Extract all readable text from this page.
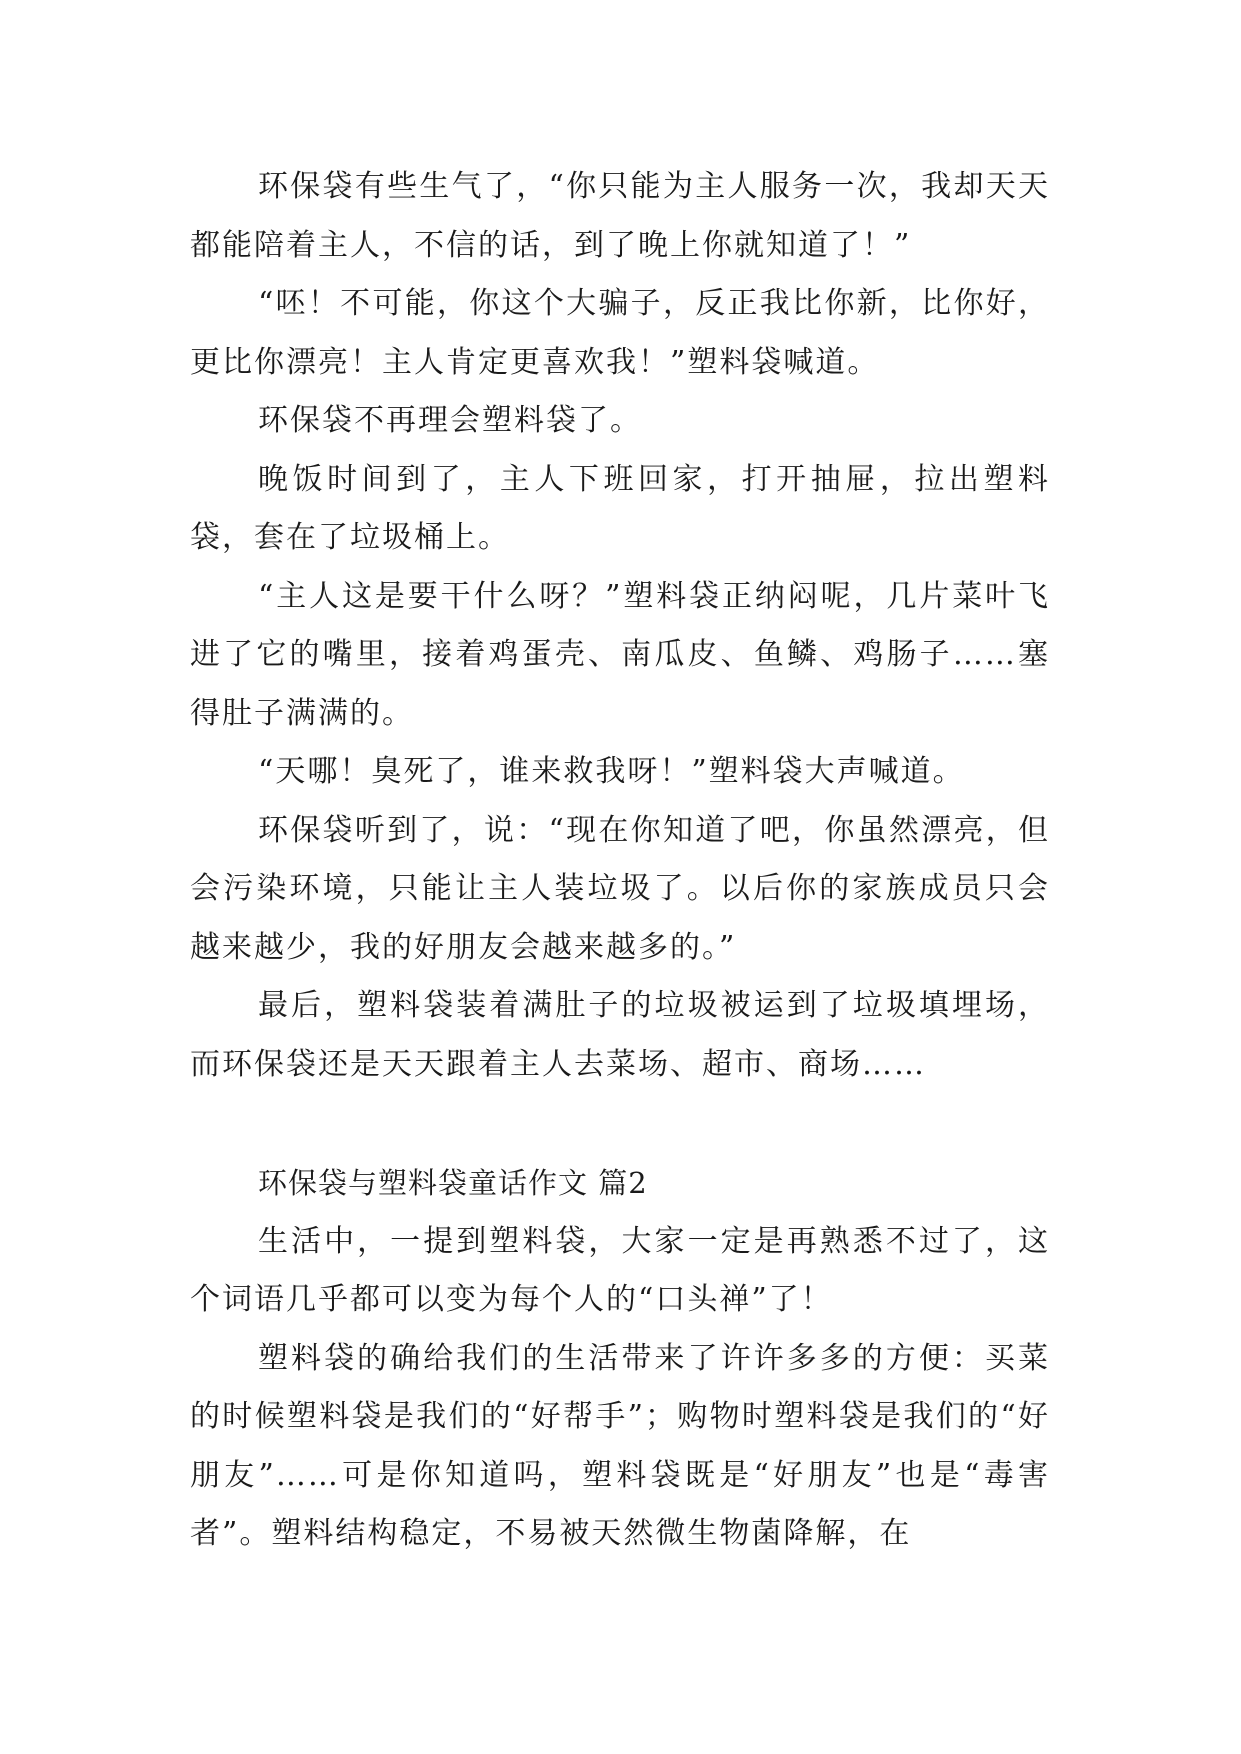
环保袋有些生气了，“你只能为主人服务一次，我却天天都能陪着主人，不信的话，到了晚上你就知道了！”

“呸！不可能，你这个大骗子，反正我比你新，比你好，更比你漂亮！主人肯定更喜欢我！”塑料袋喊道。

环保袋不再理会塑料袋了。

晚饭时间到了，主人下班回家，打开抽屉，拉出塑料袋，套在了垃圾桶上。

“主人这是要干什么呀？”塑料袋正纳闷呢，几片菜叶飞进了它的嘴里，接着鸡蛋壳、南瓜皮、鱼鳞、鸡肠子……塞得肚子满满的。

“天哪！臭死了，谁来救我呀！”塑料袋大声喊道。

环保袋听到了，说：“现在你知道了吧，你虽然漂亮，但会污染环境，只能让主人装垃圾了。以后你的家族成员只会越来越少，我的好朋友会越来越多的。”

最后，塑料袋装着满肚子的垃圾被运到了垃圾填埋场，而环保袋还是天天跟着主人去菜场、超市、商场……

环保袋与塑料袋童话作文 篇2

生活中，一提到塑料袋，大家一定是再熟悉不过了，这个词语几乎都可以变为每个人的“口头禅”了！

塑料袋的确给我们的生活带来了许许多多的方便：买菜的时候塑料袋是我们的“好帮手”；购物时塑料袋是我们的“好朋友”……可是你知道吗，塑料袋既是“好朋友”也是“毒害者”。塑料结构稳定，不易被天然微生物菌降解，在
